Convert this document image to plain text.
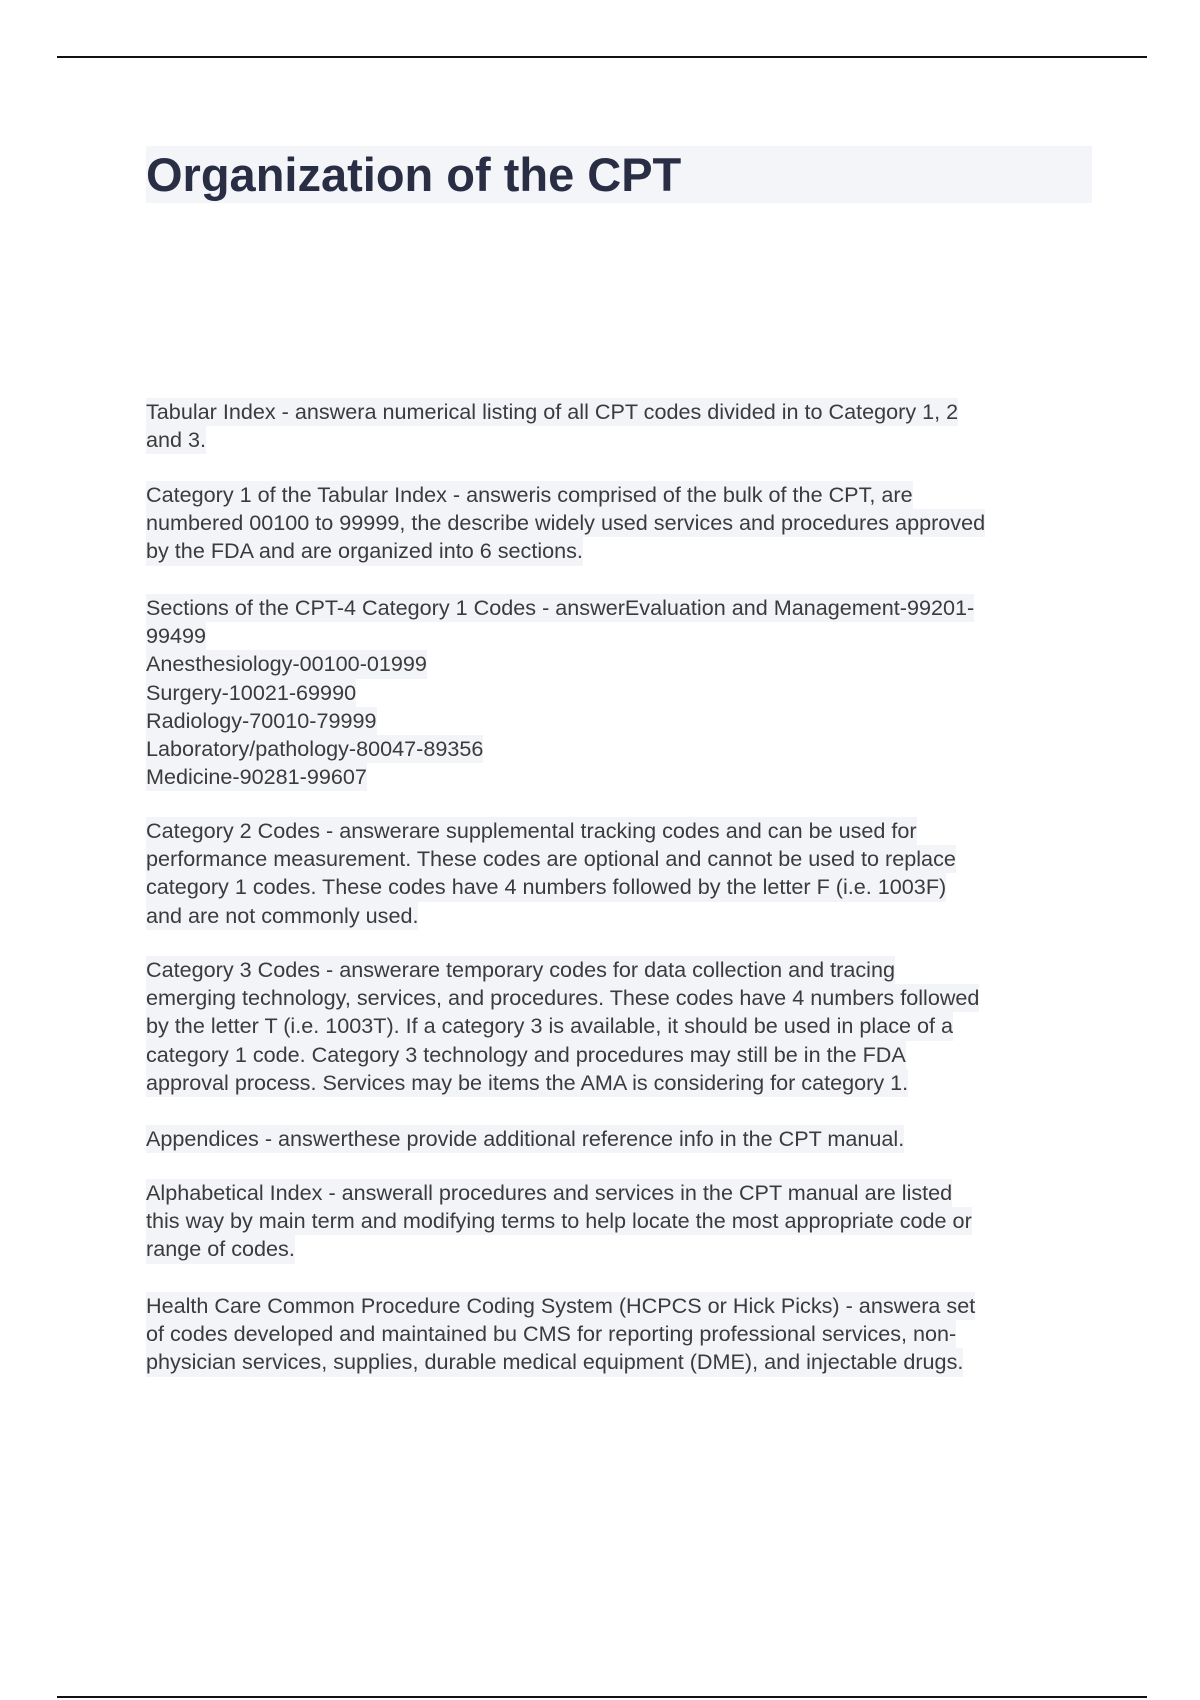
Organization of the CPT
Tabular Index - answera numerical listing of all CPT codes divided in to Category 1, 2
and 3.

Category 1 of the Tabular Index - answeris comprised of the bulk of the CPT, are
numbered 00100 to 99999, the describe widely used services and procedures approved
by the FDA and are organized into 6 sections.

Sections of the CPT-4 Category 1 Codes - answerEvaluation and Management-99201-
99499
Anesthesiology-00100-01999
Surgery-10021-69990
Radiology-70010-79999
Laboratory/pathology-80047-89356
Medicine-90281-99607

Category 2 Codes - answerare supplemental tracking codes and can be used for
performance measurement. These codes are optional and cannot be used to replace
category 1 codes. These codes have 4 numbers followed by the letter F (i.e. 1003F)
and are not commonly used.

Category 3 Codes - answerare temporary codes for data collection and tracing
emerging technology, services, and procedures. These codes have 4 numbers followed
by the letter T (i.e. 1003T). If a category 3 is available, it should be used in place of a
category 1 code. Category 3 technology and procedures may still be in the FDA
approval process. Services may be items the AMA is considering for category 1.

Appendices - answerthese provide additional reference info in the CPT manual.

Alphabetical Index - answerall procedures and services in the CPT manual are listed
this way by main term and modifying terms to help locate the most appropriate code or
range of codes.

Health Care Common Procedure Coding System (HCPCS or Hick Picks) - answera set
of codes developed and maintained bu CMS for reporting professional services, non-
physician services, supplies, durable medical equipment (DME), and injectable drugs.
